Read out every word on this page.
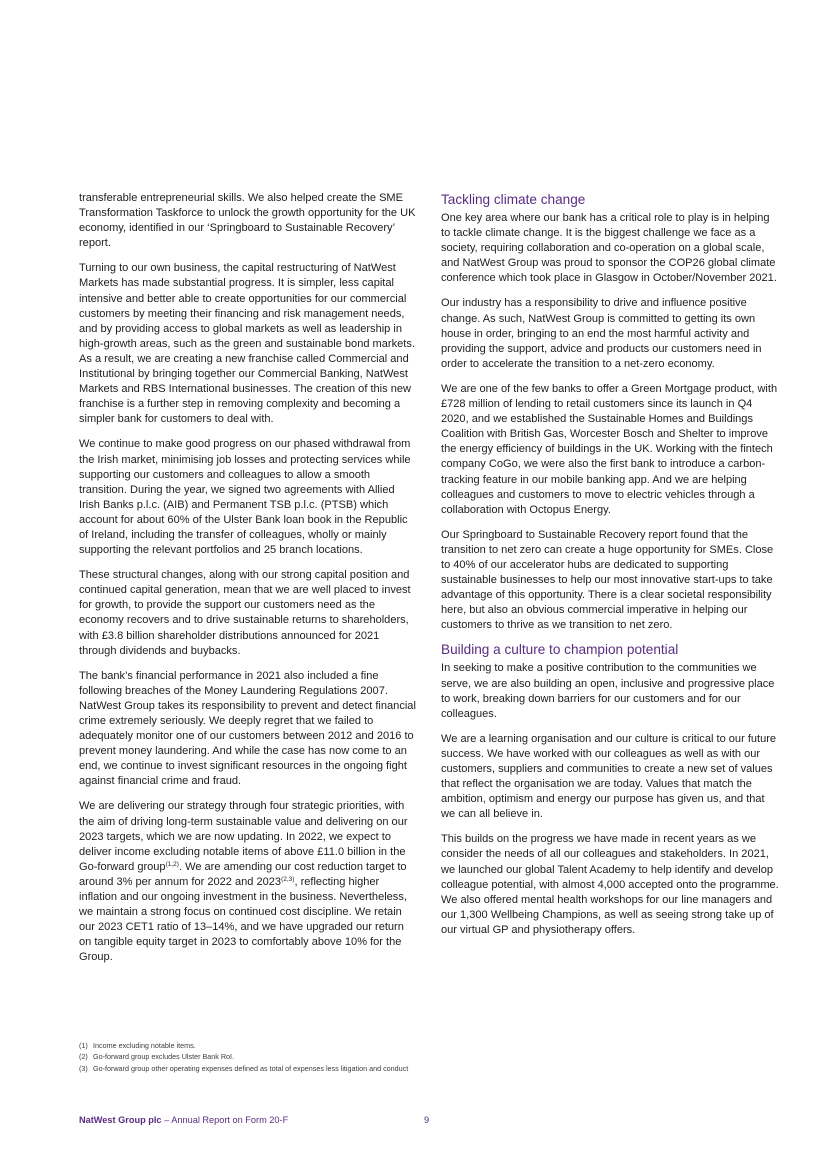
transferable entrepreneurial skills. We also helped create the SME Transformation Taskforce to unlock the growth opportunity for the UK economy, identified in our ‘Springboard to Sustainable Recovery’ report.

Turning to our own business, the capital restructuring of NatWest Markets has made substantial progress. It is simpler, less capital intensive and better able to create opportunities for our commercial customers by meeting their financing and risk management needs, and by providing access to global markets as well as leadership in high-growth areas, such as the green and sustainable bond markets. As a result, we are creating a new franchise called Commercial and Institutional by bringing together our Commercial Banking, NatWest Markets and RBS International businesses. The creation of this new franchise is a further step in removing complexity and becoming a simpler bank for customers to deal with.

We continue to make good progress on our phased withdrawal from the Irish market, minimising job losses and protecting services while supporting our customers and colleagues to allow a smooth transition. During the year, we signed two agreements with Allied Irish Banks p.l.c. (AIB) and Permanent TSB p.l.c. (PTSB) which account for about 60% of the Ulster Bank loan book in the Republic of Ireland, including the transfer of colleagues, wholly or mainly supporting the relevant portfolios and 25 branch locations.

These structural changes, along with our strong capital position and continued capital generation, mean that we are well placed to invest for growth, to provide the support our customers need as the economy recovers and to drive sustainable returns to shareholders, with £3.8 billion shareholder distributions announced for 2021 through dividends and buybacks.

The bank’s financial performance in 2021 also included a fine following breaches of the Money Laundering Regulations 2007. NatWest Group takes its responsibility to prevent and detect financial crime extremely seriously. We deeply regret that we failed to adequately monitor one of our customers between 2012 and 2016 to prevent money laundering. And while the case has now come to an end, we continue to invest significant resources in the ongoing fight against financial crime and fraud.

We are delivering our strategy through four strategic priorities, with the aim of driving long-term sustainable value and delivering on our 2023 targets, which we are now updating. In 2022, we expect to deliver income excluding notable items of above £11.0 billion in the Go-forward group$^{(1,2)}$. We are amending our cost reduction target to around 3% per annum for 2022 and 2023$^{(2,3)}$, reflecting higher inflation and our ongoing investment in the business. Nevertheless, we maintain a strong focus on continued cost discipline. We retain our 2023 CET1 ratio of 13–14%, and we have upgraded our return on tangible equity target in 2023 to comfortably above 10% for the Group.

Tackling climate change

One key area where our bank has a critical role to play is in helping to tackle climate change. It is the biggest challenge we face as a society, requiring collaboration and co-operation on a global scale, and NatWest Group was proud to sponsor the COP26 global climate conference which took place in Glasgow in October/November 2021.

Our industry has a responsibility to drive and influence positive change. As such, NatWest Group is committed to getting its own house in order, bringing to an end the most harmful activity and providing the support, advice and products our customers need in order to accelerate the transition to a net-zero economy.

We are one of the few banks to offer a Green Mortgage product, with £728 million of lending to retail customers since its launch in Q4 2020, and we established the Sustainable Homes and Buildings Coalition with British Gas, Worcester Bosch and Shelter to improve the energy efficiency of buildings in the UK. Working with the fintech company CoGo, we were also the first bank to introduce a carbon-tracking feature in our mobile banking app. And we are helping colleagues and customers to move to electric vehicles through a collaboration with Octopus Energy.

Our Springboard to Sustainable Recovery report found that the transition to net zero can create a huge opportunity for SMEs. Close to 40% of our accelerator hubs are dedicated to supporting sustainable businesses to help our most innovative start-ups to take advantage of this opportunity. There is a clear societal responsibility here, but also an obvious commercial imperative in helping our customers to thrive as we transition to net zero.

Building a culture to champion potential

In seeking to make a positive contribution to the communities we serve, we are also building an open, inclusive and progressive place to work, breaking down barriers for our customers and for our colleagues.

We are a learning organisation and our culture is critical to our future success. We have worked with our colleagues as well as with our customers, suppliers and communities to create a new set of values that reflect the organisation we are today. Values that match the ambition, optimism and energy our purpose has given us, and that we can all believe in.

This builds on the progress we have made in recent years as we consider the needs of all our colleagues and stakeholders. In 2021, we launched our global Talent Academy to help identify and develop colleague potential, with almost 4,000 accepted onto the programme. We also offered mental health workshops for our line managers and our 1,300 Wellbeing Champions, as well as seeing strong take up of our virtual GP and physiotherapy offers.

(1) Income excluding notable items.
(2) Go-forward group excludes Ulster Bank RoI.
(3) Go-forward group other operating expenses defined as total of expenses less litigation and conduct
NatWest Group plc – Annual Report on Form 20-F	9
